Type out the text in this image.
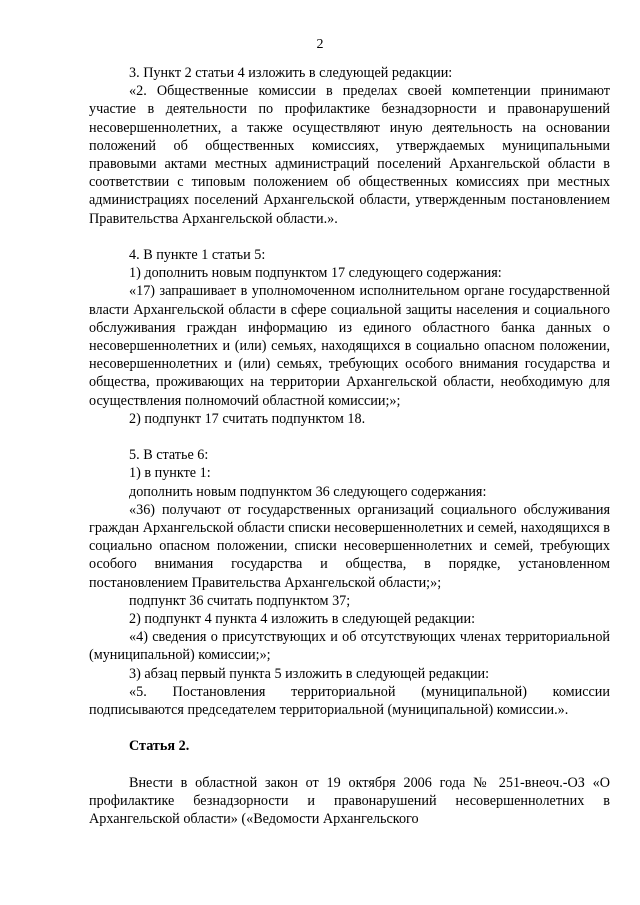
2

3. Пункт 2 статьи 4 изложить в следующей редакции:

«2. Общественные комиссии в пределах своей компетенции принимают участие в деятельности по профилактике безнадзорности и правонарушений несовершеннолетних, а также осуществляют иную деятельность на основании положений об общественных комиссиях, утверждаемых муниципальными правовыми актами местных администраций поселений Архангельской области в соответствии с типовым положением об общественных комиссиях при местных администрациях поселений Архангельской области, утвержденным постановлением Правительства Архангельской области.».

4. В пункте 1 статьи 5:

1) дополнить новым подпунктом 17 следующего содержания:

«17) запрашивает в уполномоченном исполнительном органе государственной власти Архангельской области в сфере социальной защиты населения и социального обслуживания граждан информацию из единого областного банка данных о несовершеннолетних и (или) семьях, находящихся в социально опасном положении, несовершеннолетних и (или) семьях, требующих особого внимания государства и общества, проживающих на территории Архангельской области, необходимую для осуществления полномочий областной комиссии;»;

2) подпункт 17 считать подпунктом 18.

5. В статье 6:

1) в пункте 1:

дополнить новым подпунктом 36 следующего содержания:

«36) получают от государственных организаций социального обслуживания граждан Архангельской области списки несовершеннолетних и семей, находящихся в социально опасном положении, списки несовершеннолетних и семей, требующих особого внимания государства и общества, в порядке, установленном постановлением Правительства Архангельской области;»;

подпункт 36 считать подпунктом 37;

2) подпункт 4 пункта 4 изложить в следующей редакции:

«4) сведения о присутствующих и об отсутствующих членах территориальной (муниципальной) комиссии;»;

3) абзац первый пункта 5 изложить в следующей редакции:

«5. Постановления территориальной (муниципальной) комиссии подписываются председателем территориальной (муниципальной) комиссии.».

Статья 2.

Внести в областной закон от 19 октября 2006 года № 251-внеоч.-ОЗ «О профилактике безнадзорности и правонарушений несовершеннолетних в Архангельской области» («Ведомости Архангельского
